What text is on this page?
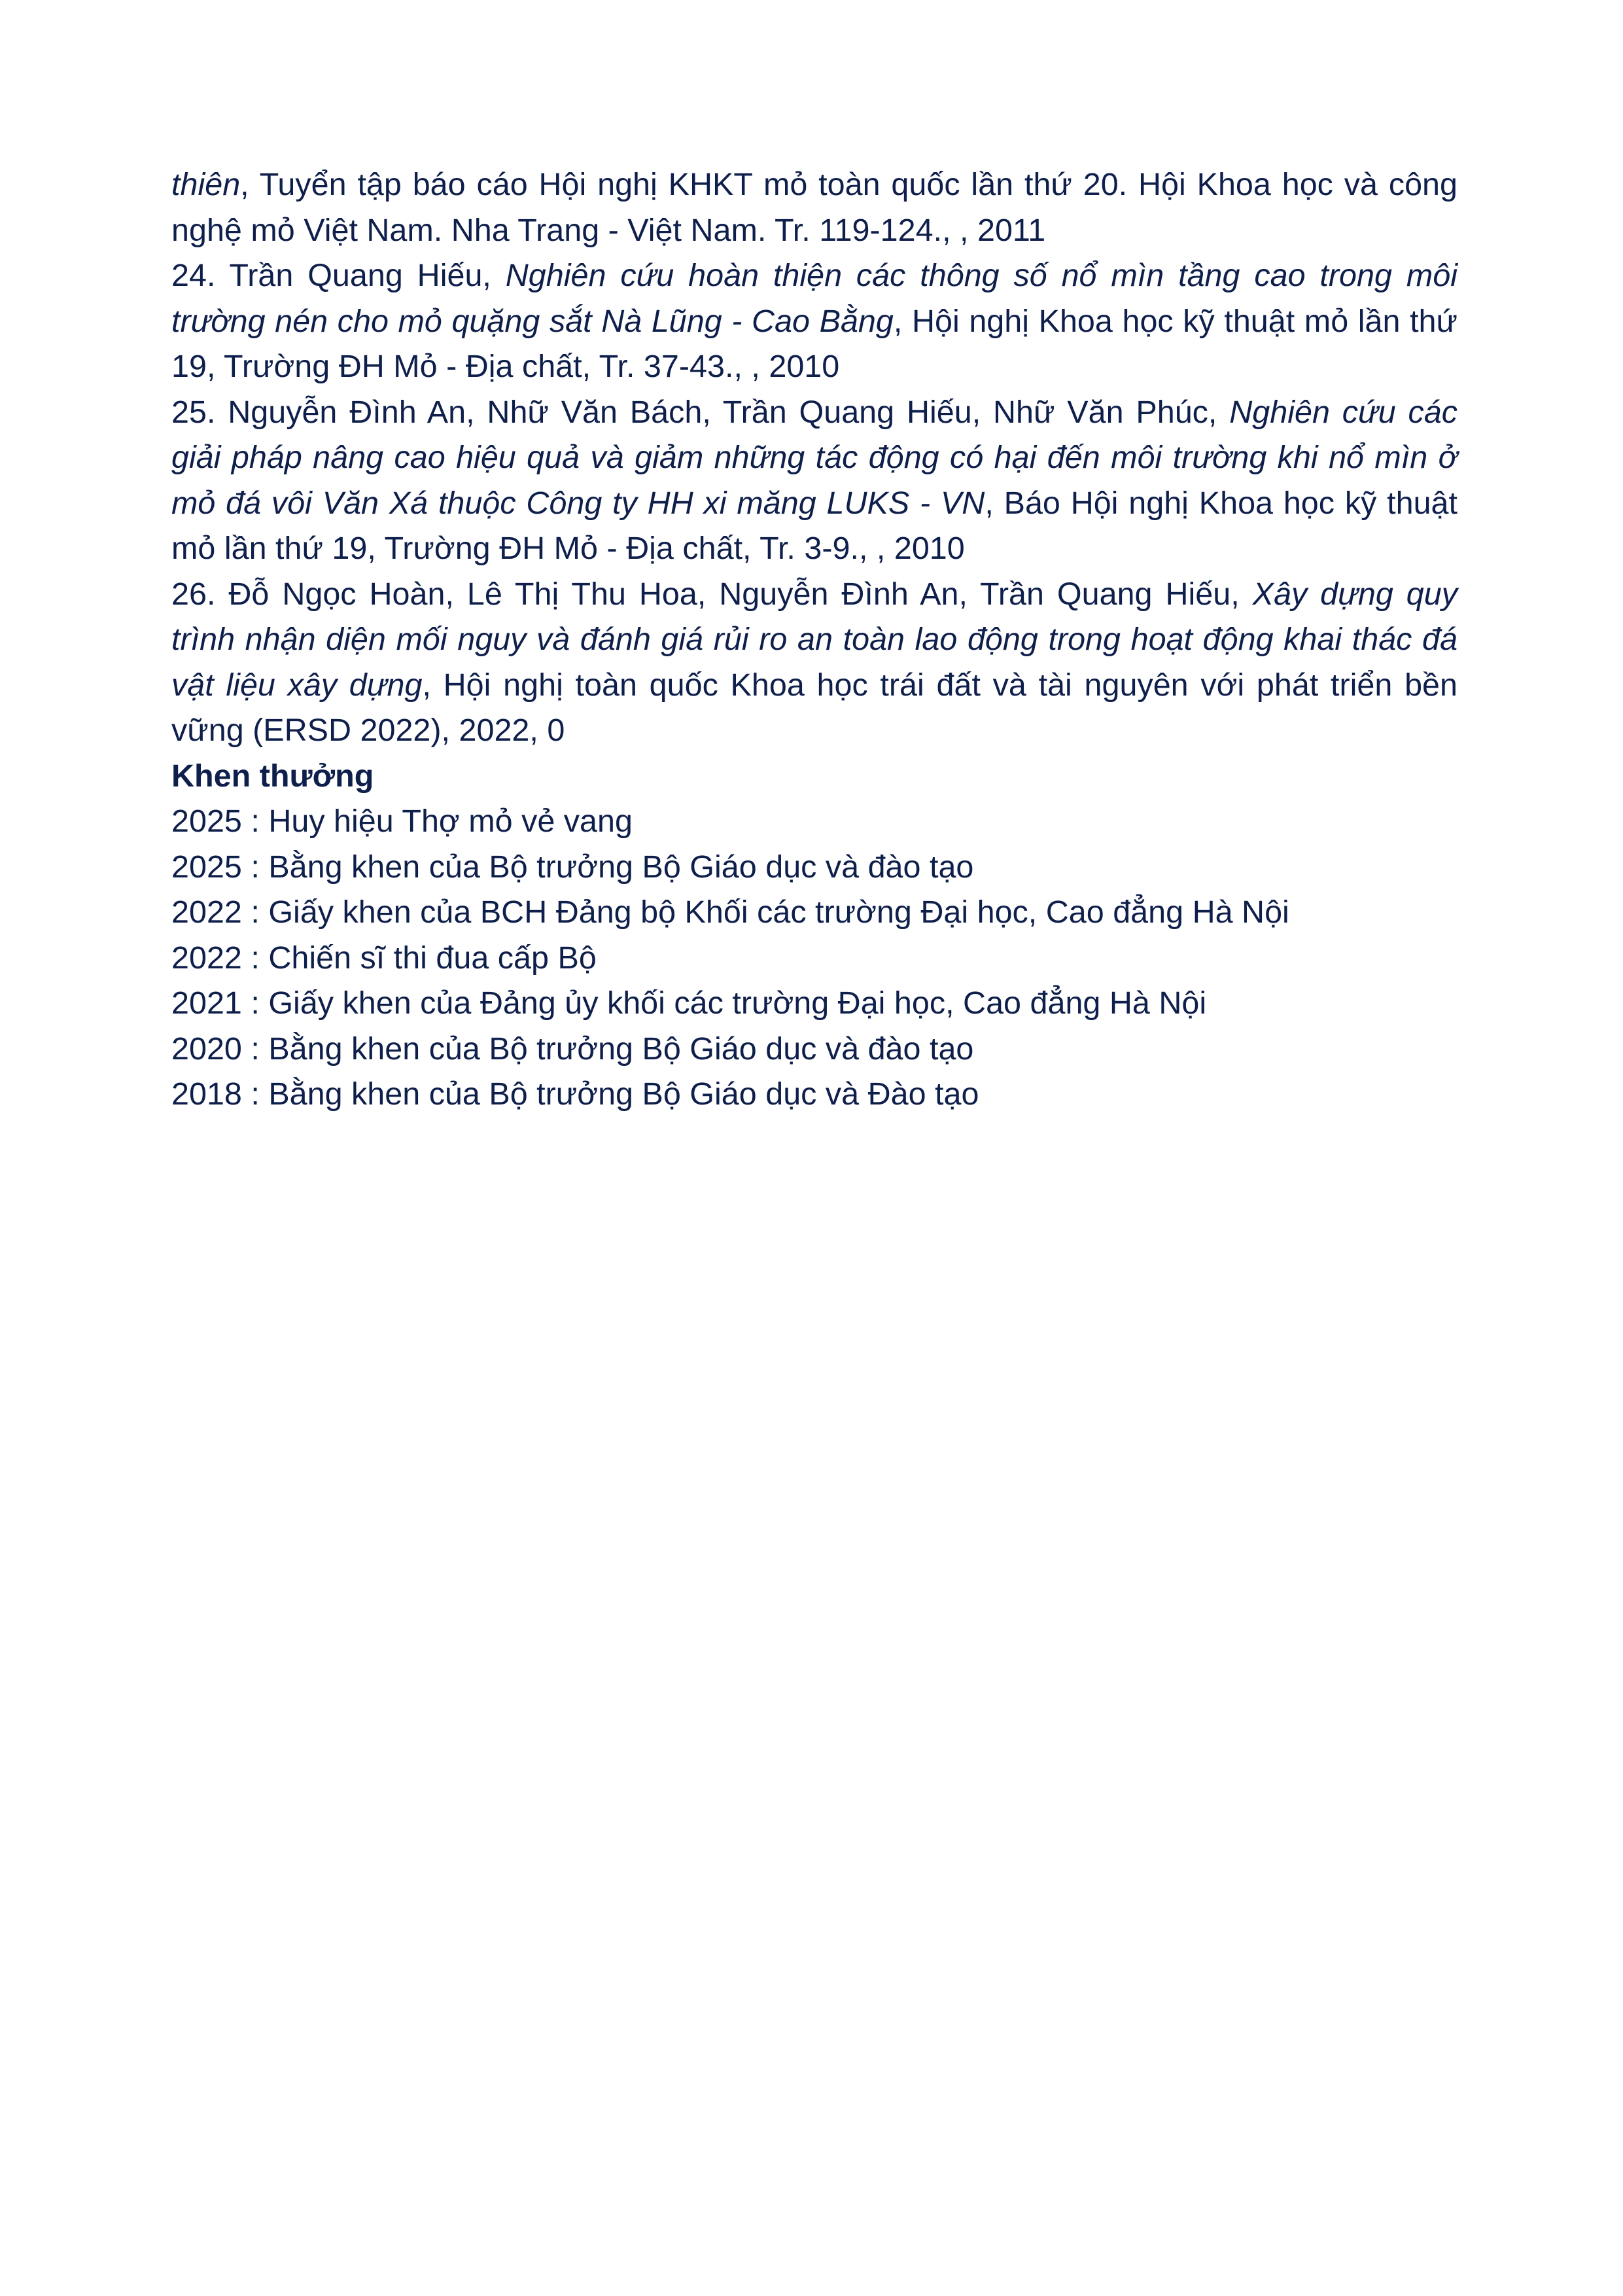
thiên, Tuyển tập báo cáo Hội nghị KHKT mỏ toàn quốc lần thứ 20. Hội Khoa học và công nghệ mỏ Việt Nam. Nha Trang - Việt Nam. Tr. 119-124., , 2011

24. Trần Quang Hiếu, Nghiên cứu hoàn thiện các thông số nổ mìn tầng cao trong môi trường nén cho mỏ quặng sắt Nà Lũng - Cao Bằng, Hội nghị Khoa học kỹ thuật mỏ lần thứ 19, Trường ĐH Mỏ - Địa chất, Tr. 37-43., , 2010

25. Nguyễn Đình An, Nhữ Văn Bách, Trần Quang Hiếu, Nhữ Văn Phúc, Nghiên cứu các giải pháp nâng cao hiệu quả và giảm những tác động có hại đến môi trường khi nổ mìn ở mỏ đá vôi Văn Xá thuộc Công ty HH xi măng LUKS - VN, Báo Hội nghị Khoa học kỹ thuật mỏ lần thứ 19, Trường ĐH Mỏ - Địa chất, Tr. 3-9., , 2010

26. Đỗ Ngọc Hoàn, Lê Thị Thu Hoa, Nguyễn Đình An, Trần Quang Hiếu, Xây dựng quy trình nhận diện mối nguy và đánh giá rủi ro an toàn lao động trong hoạt động khai thác đá vật liệu xây dựng, Hội nghị toàn quốc Khoa học trái đất và tài nguyên với phát triển bền vững (ERSD 2022), 2022, 0

Khen thưởng
2025 : Huy hiệu Thợ mỏ vẻ vang
2025 : Bằng khen của Bộ trưởng Bộ Giáo dục và đào tạo
2022 : Giấy khen của BCH Đảng bộ Khối các trường Đại học, Cao đẳng Hà Nội
2022 : Chiến sĩ thi đua cấp Bộ
2021 : Giấy khen của Đảng ủy khối các trường Đại học, Cao đẳng Hà Nội
2020 : Bằng khen của Bộ trưởng Bộ Giáo dục và đào tạo
2018 : Bằng khen của Bộ trưởng Bộ Giáo dục và Đào tạo
